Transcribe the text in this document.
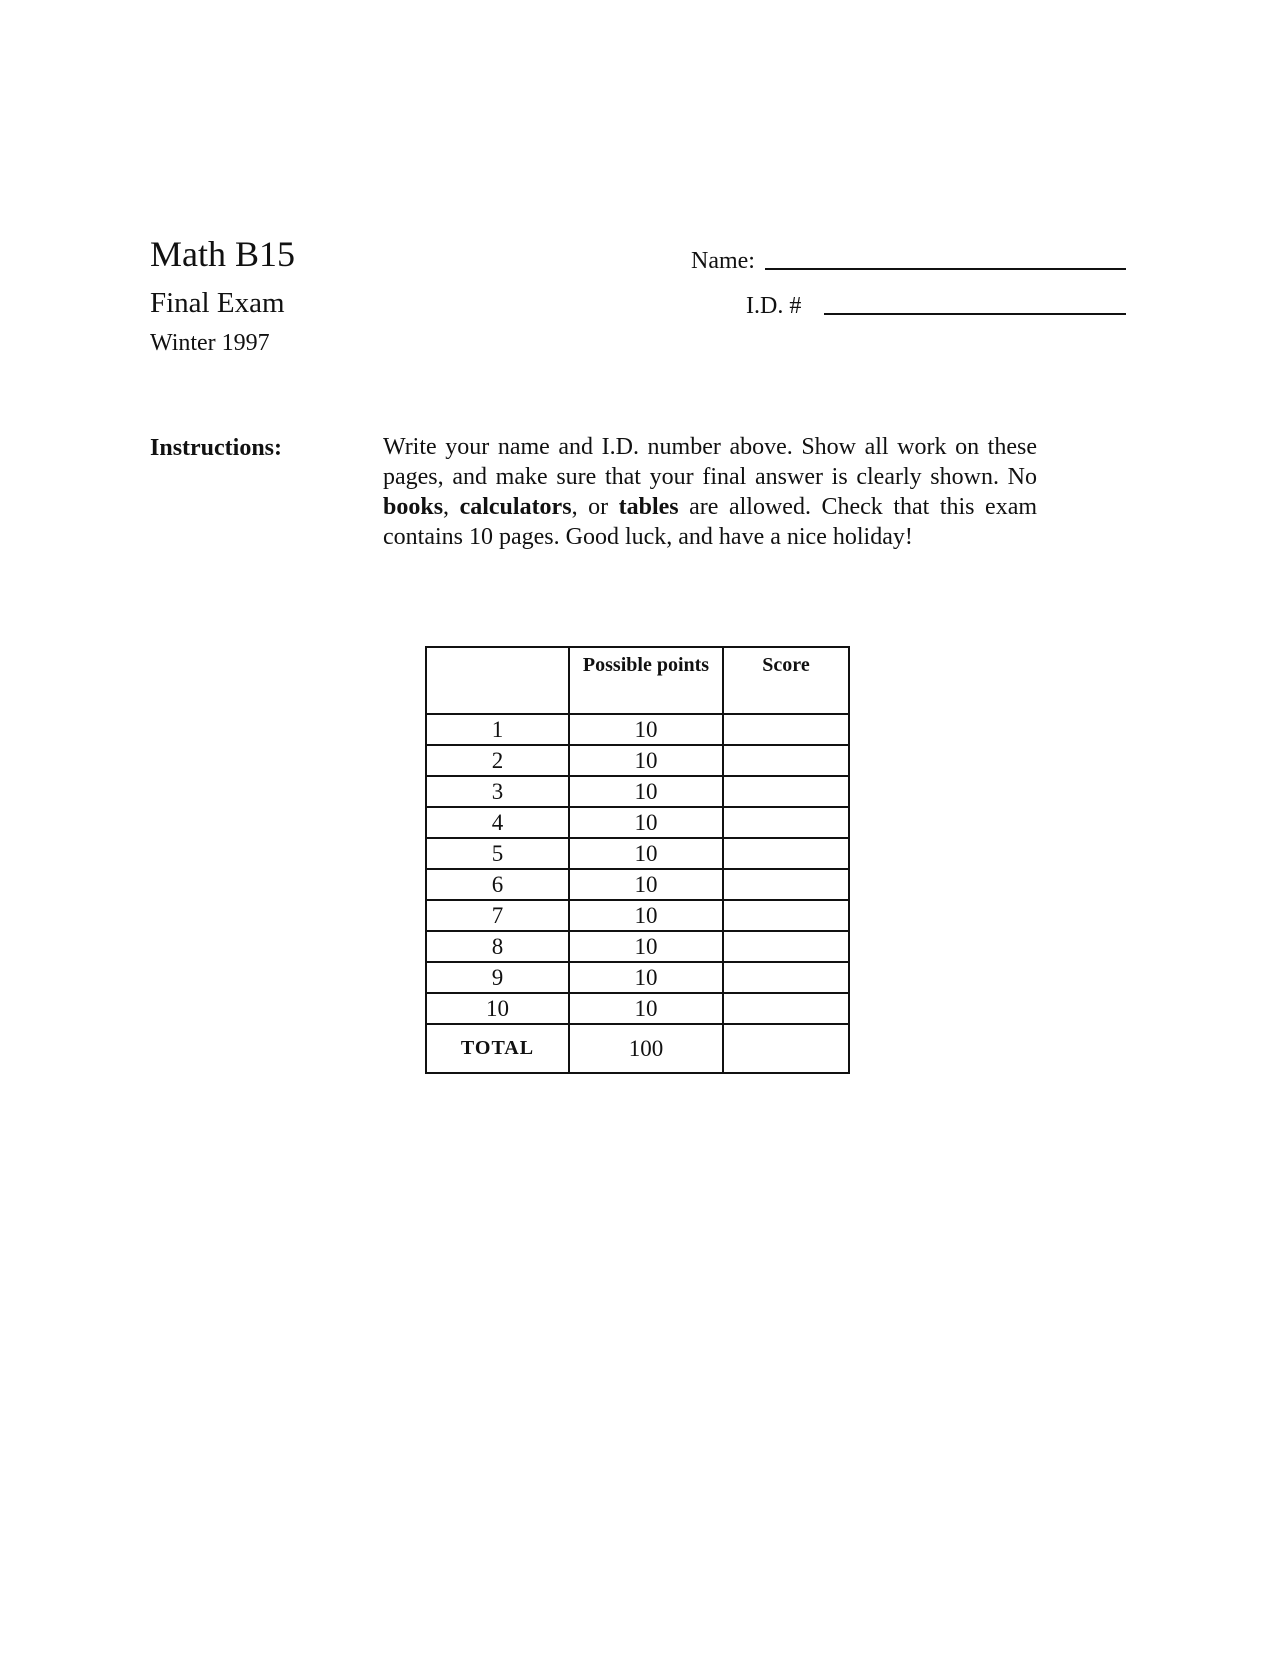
Math B15
Final Exam
Winter 1997
Name:
I.D. #
Instructions:	Write your name and I.D. number above. Show all work on these pages, and make sure that your final answer is clearly shown. No books, calculators, or tables are allowed. Check that this exam contains 10 pages. Good luck, and have a nice holiday!
	Possible points	Score
1	10	
2	10	
3	10	
4	10	
5	10	
6	10	
7	10	
8	10	
9	10	
10	10	
TOTAL	100	
